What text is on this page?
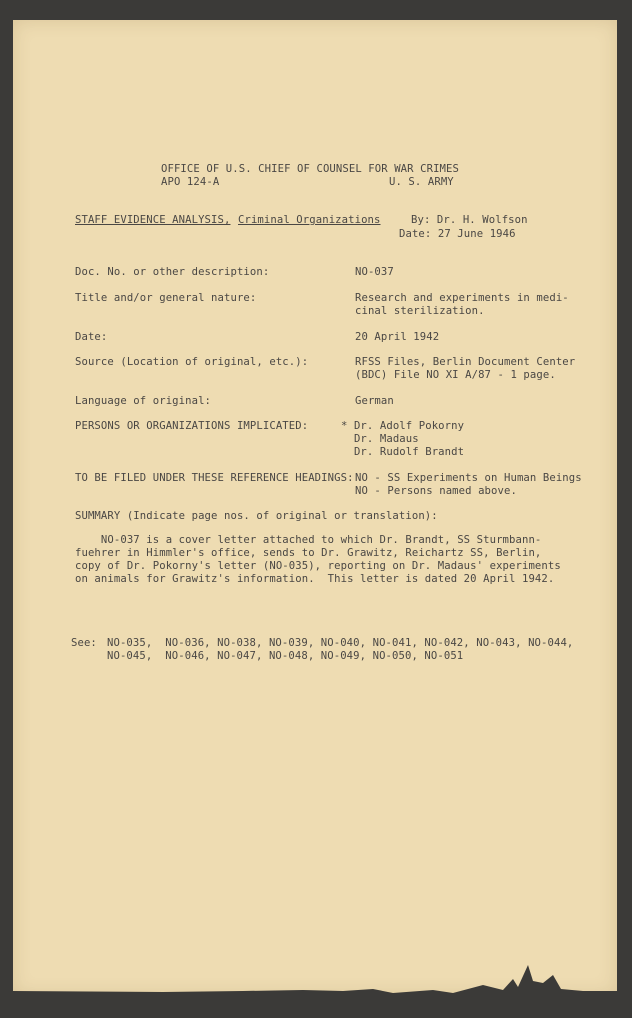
OFFICE OF U.S. CHIEF OF COUNSEL FOR WAR CRIMES
APO 124-A	U. S. ARMY
STAFF EVIDENCE ANALYSIS, Criminal Organizations	By: Dr. H. Wolfson
Date: 27 June 1946
Doc. No. or other description:	NO-037
Title and/or general nature:	Research and experiments in medi-
cinal sterilization.
Date:	20 April 1942
Source (Location of original, etc.):	RFSS Files, Berlin Document Center
(BDC) File NO XI A/87 - 1 page.
Language of original:	German
PERSONS OR ORGANIZATIONS IMPLICATED:	* Dr. Adolf Pokorny
Dr. Madaus
Dr. Rudolf Brandt
TO BE FILED UNDER THESE REFERENCE HEADINGS: NO - SS Experiments on Human Beings
NO - Persons named above.
SUMMARY (Indicate page nos. of original or translation):
NO-037 is a cover letter attached to which Dr. Brandt, SS Sturmbann-
fuehrer in Himmler's office, sends to Dr. Grawitz, Reichartz SS, Berlin,
copy of Dr. Pokorny's letter (NO-035), reporting on Dr. Madaus' experiments
on animals for Grawitz's information.  This letter is dated 20 April 1942.
See: NO-035,  NO-036, NO-038, NO-039, NO-040, NO-041, NO-042, NO-043, NO-044,
NO-045,  NO-046, NO-047, NO-048, NO-049, NO-050, NO-051
